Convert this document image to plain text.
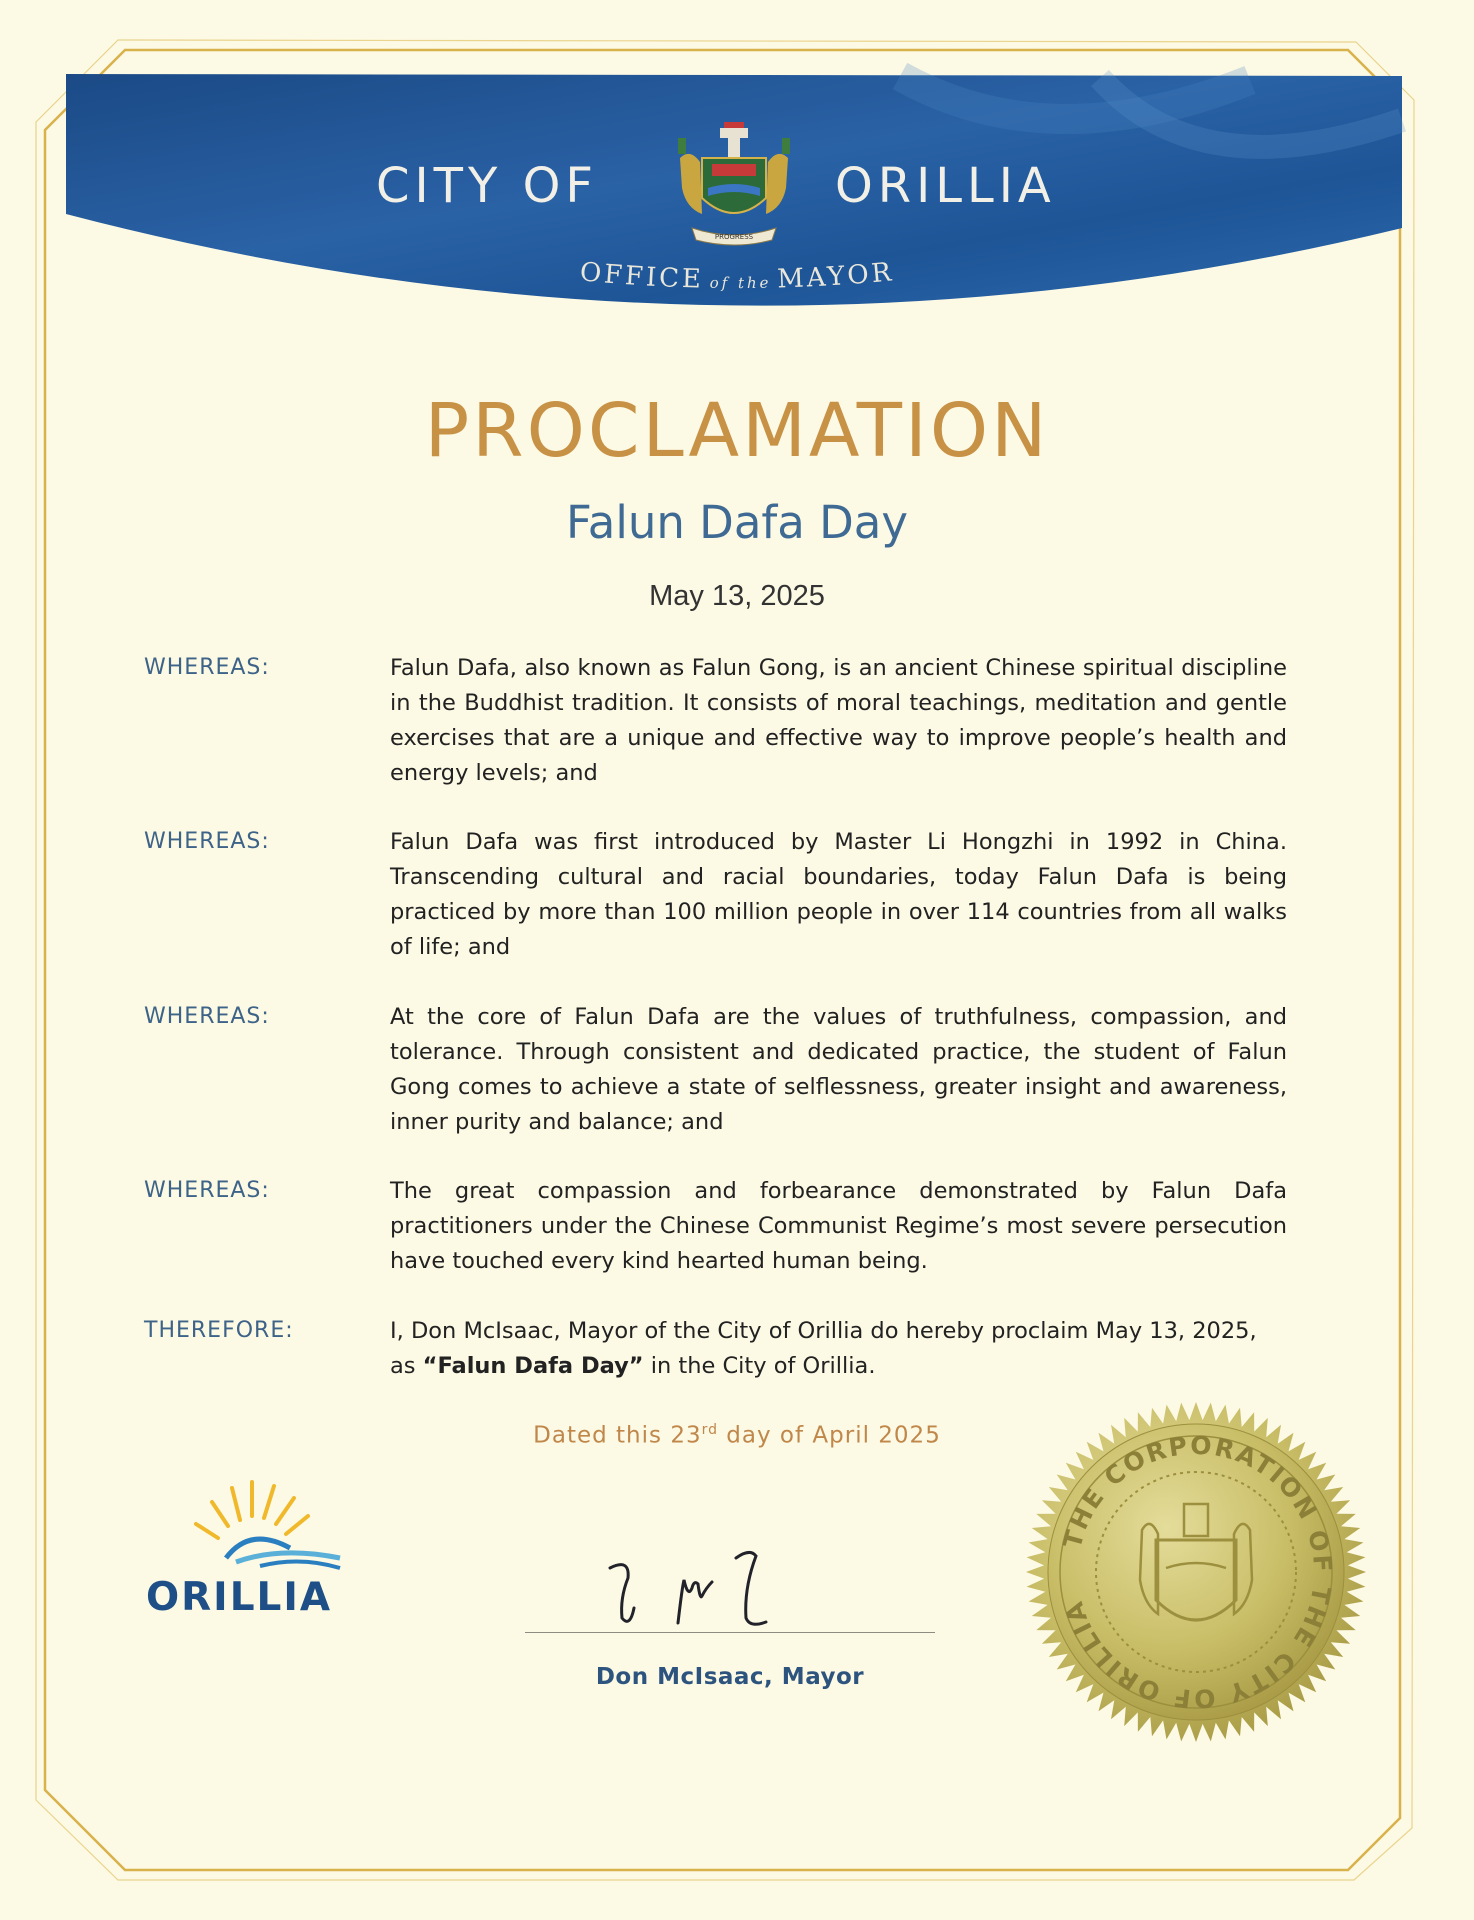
CITY OF	ORILLIA
PROGRESS
OFFICE of the MAYOR
PROCLAMATION
Falun Dafa Day
May 13, 2025
WHEREAS:	Falun Dafa, also known as Falun Gong, is an ancient Chinese spiritual discipline in the Buddhist tradition. It consists of moral teachings, meditation and gentle exercises that are a unique and effective way to improve people’s health and energy levels; and
WHEREAS:	Falun Dafa was first introduced by Master Li Hongzhi in 1992 in China. Transcending cultural and racial boundaries, today Falun Dafa is being practiced by more than 100 million people in over 114 countries from all walks of life; and
WHEREAS:	At the core of Falun Dafa are the values of truthfulness, compassion, and tolerance. Through consistent and dedicated practice, the student of Falun Gong comes to achieve a state of selflessness, greater insight and awareness, inner purity and balance; and
WHEREAS:	The great compassion and forbearance demonstrated by Falun Dafa practitioners under the Chinese Communist Regime’s most severe persecution have touched every kind hearted human being.
THEREFORE:	I, Don McIsaac, Mayor of the City of Orillia do hereby proclaim May 13, 2025, as “Falun Dafa Day” in the City of Orillia.
Dated this 23rd day of April 2025
ORILLIA
Don McIsaac, Mayor
THE CORPORATION OF THE CITY OF ORILLIA
